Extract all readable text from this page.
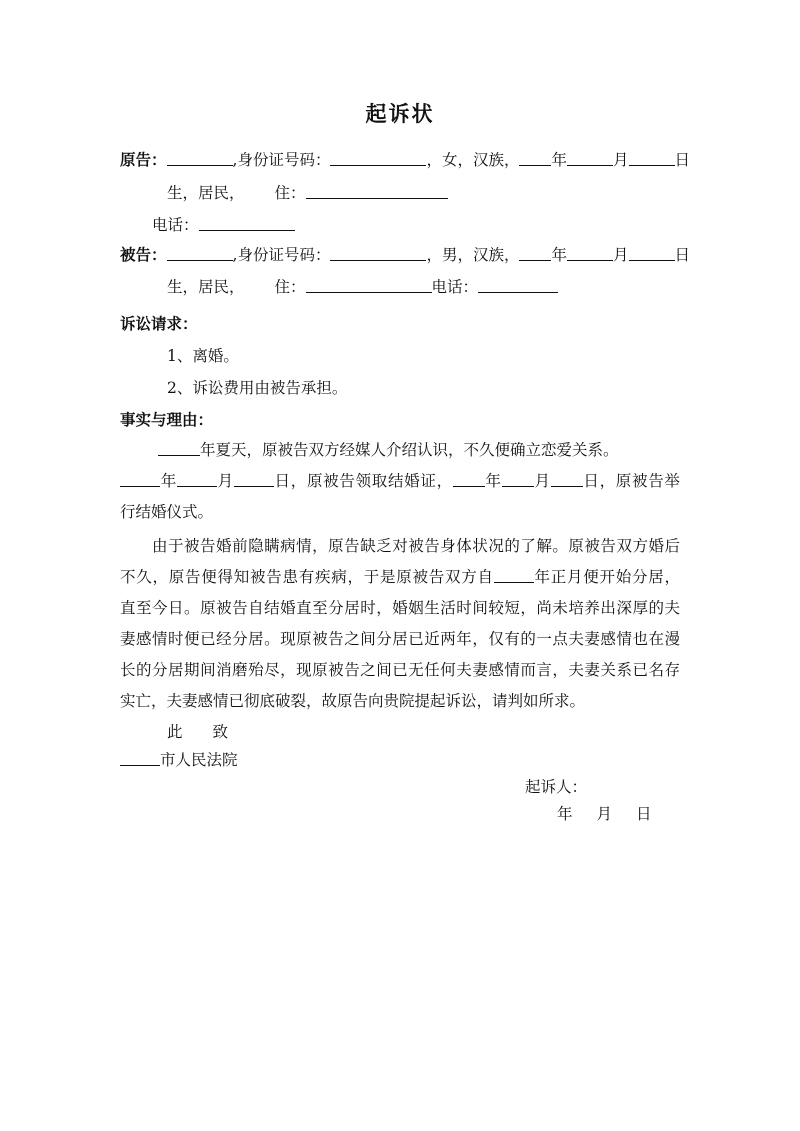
起诉状
原告：	,身份证号码：	，女，汉族， 年	月	日
生，居民， 住：
电话：
被告：	,身份证号码：	，男，汉族， 年	月	日
生，居民， 住：	电话：
诉讼请求：
1、离婚。
2、诉讼费用由被告承担。
事实与理由：
年夏天，原被告双方经媒人介绍认识，不久便确立恋爱关系。
年	月	日，原被告领取结婚证， 年 月 日，原被告举
行结婚仪式。
由于被告婚前隐瞒病情，原告缺乏对被告身体状况的了解。原被告双方婚后
不久，原告便得知被告患有疾病，于是原被告双方自	年正月便开始分居，
直至今日。原被告自结婚直至分居时，婚姻生活时间较短，尚未培养出深厚的夫
妻感情时便已经分居。现原被告之间分居已近两年，仅有的一点夫妻感情也在漫
长的分居期间消磨殆尽，现原被告之间已无任何夫妻感情而言，夫妻关系已名存
实亡，夫妻感情已彻底破裂，故原告向贵院提起诉讼，请判如所求。
此 致
市人民法院
起诉人：
年 月 日
